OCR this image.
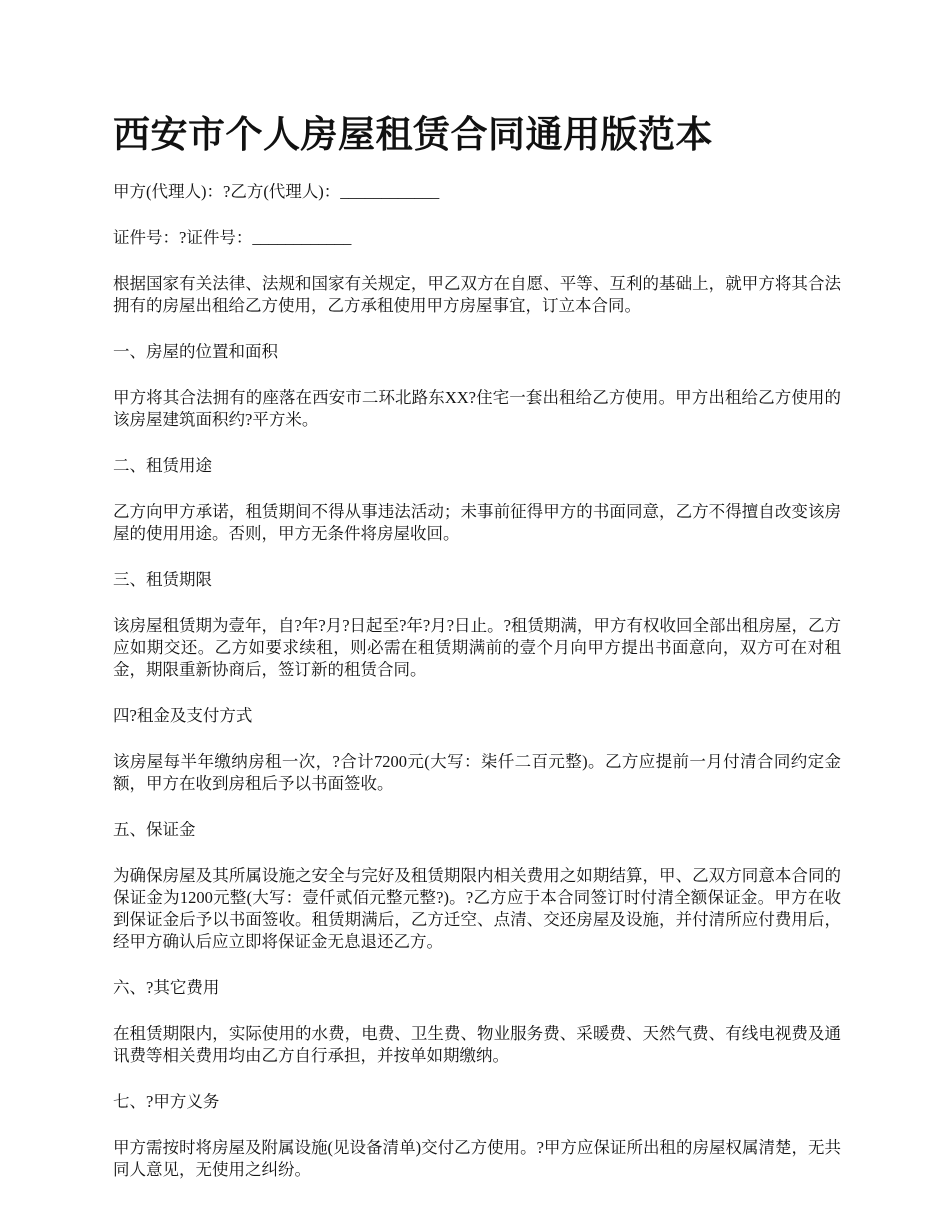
西安市个人房屋租赁合同通用版范本

甲方(代理人)：?乙方(代理人)：____________

证件号：?证件号：____________

根据国家有关法律、法规和国家有关规定，甲乙双方在自愿、平等、互利的基础上，就甲方将其合法拥有的房屋出租给乙方使用，乙方承租使用甲方房屋事宜，订立本合同。

一、房屋的位置和面积

甲方将其合法拥有的座落在西安市二环北路东XX?住宅一套出租给乙方使用。甲方出租给乙方使用的该房屋建筑面积约?平方米。

二、租赁用途

乙方向甲方承诺，租赁期间不得从事违法活动；未事前征得甲方的书面同意，乙方不得擅自改变该房屋的使用用途。否则，甲方无条件将房屋收回。

三、租赁期限

该房屋租赁期为壹年，自?年?月?日起至?年?月?日止。?租赁期满，甲方有权收回全部出租房屋，乙方应如期交还。乙方如要求续租，则必需在租赁期满前的壹个月向甲方提出书面意向，双方可在对租金，期限重新协商后，签订新的租赁合同。

四?租金及支付方式

该房屋每半年缴纳房租一次，?合计7200元(大写：柒仟二百元整)。乙方应提前一月付清合同约定金额，甲方在收到房租后予以书面签收。

五、保证金

为确保房屋及其所属设施之安全与完好及租赁期限内相关费用之如期结算，甲、乙双方同意本合同的保证金为1200元整(大写：壹仟贰佰元整元整?)。?乙方应于本合同签订时付清全额保证金。甲方在收到保证金后予以书面签收。租赁期满后，乙方迁空、点清、交还房屋及设施，并付清所应付费用后，经甲方确认后应立即将保证金无息退还乙方。

六、?其它费用

在租赁期限内，实际使用的水费，电费、卫生费、物业服务费、采暖费、天然气费、有线电视费及通讯费等相关费用均由乙方自行承担，并按单如期缴纳。

七、?甲方义务

甲方需按时将房屋及附属设施(见设备清单)交付乙方使用。?甲方应保证所出租的房屋权属清楚，无共同人意见，无使用之纠纷。
